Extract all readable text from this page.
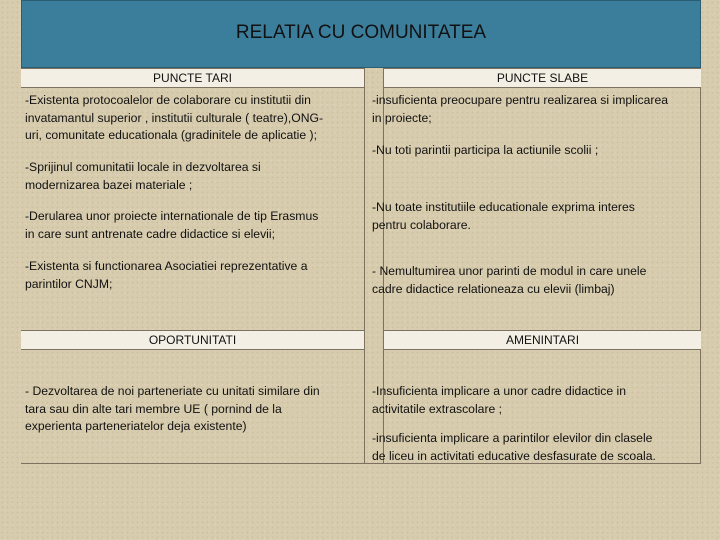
RELATIA CU COMUNITATEA
PUNCTE TARI	PUNCTE SLABE
-Existenta protocoalelor de colaborare cu institutii din
invatamantul superior , institutii culturale ( teatre),ONG-
uri, comunitate educationala (gradinitele de aplicatie );
-Sprijinul comunitatii locale in dezvoltarea si
modernizarea bazei materiale ;
-Derularea unor proiecte internationale de tip Erasmus
in care sunt antrenate cadre didactice si elevii;
-Existenta si functionarea Asociatiei reprezentative a
parintilor CNJM;
-insuficienta preocupare pentru realizarea si implicarea
in proiecte;
-Nu toti parintii participa la actiunile scolii ;
-Nu toate institutiile educationale exprima interes
pentru colaborare.
- Nemultumirea unor parinti de modul in care unele
cadre didactice relationeaza cu elevii (limbaj)
OPORTUNITATI	AMENINTARI
- Dezvoltarea de noi parteneriate cu unitati similare din
tara sau din alte tari membre UE ( pornind de la
experienta parteneriatelor deja existente)
-Insuficienta implicare a unor cadre didactice in
activitatile extrascolare ;
-insuficienta implicare a parintilor elevilor din clasele
de liceu in activitati educative desfasurate de scoala.
